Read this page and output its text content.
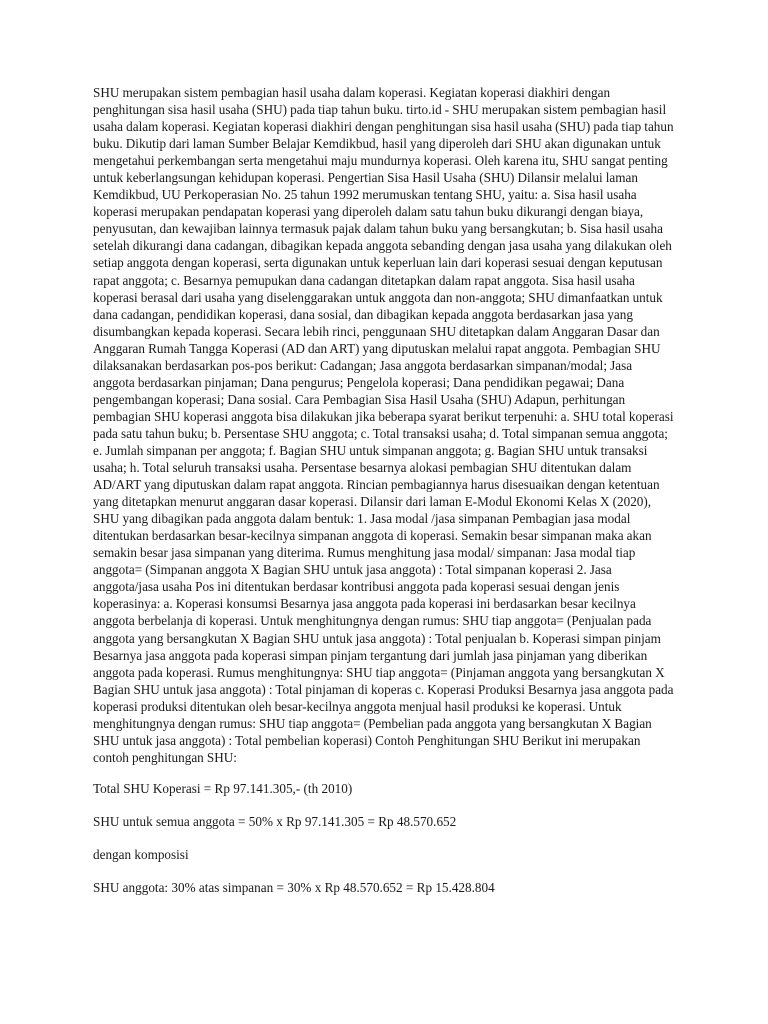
SHU merupakan sistem pembagian hasil usaha dalam koperasi. Kegiatan koperasi diakhiri dengan penghitungan sisa hasil usaha (SHU) pada tiap tahun buku. tirto.id - SHU merupakan sistem pembagian hasil usaha dalam koperasi. Kegiatan koperasi diakhiri dengan penghitungan sisa hasil usaha (SHU) pada tiap tahun buku. Dikutip dari laman Sumber Belajar Kemdikbud, hasil yang diperoleh dari SHU akan digunakan untuk mengetahui perkembangan serta mengetahui maju mundurnya koperasi. Oleh karena itu, SHU sangat penting untuk keberlangsungan kehidupan koperasi. Pengertian Sisa Hasil Usaha (SHU) Dilansir melalui laman Kemdikbud, UU Perkoperasian No. 25 tahun 1992 merumuskan tentang SHU, yaitu: a. Sisa hasil usaha koperasi merupakan pendapatan koperasi yang diperoleh dalam satu tahun buku dikurangi dengan biaya, penyusutan, dan kewajiban lainnya termasuk pajak dalam tahun buku yang bersangkutan; b. Sisa hasil usaha setelah dikurangi dana cadangan, dibagikan kepada anggota sebanding dengan jasa usaha yang dilakukan oleh setiap anggota dengan koperasi, serta digunakan untuk keperluan lain dari koperasi sesuai dengan keputusan rapat anggota; c. Besarnya pemupukan dana cadangan ditetapkan dalam rapat anggota. Sisa hasil usaha koperasi berasal dari usaha yang diselenggarakan untuk anggota dan non-anggota; SHU dimanfaatkan untuk dana cadangan, pendidikan koperasi, dana sosial, dan dibagikan kepada anggota berdasarkan jasa yang disumbangkan kepada koperasi. Secara lebih rinci, penggunaan SHU ditetapkan dalam Anggaran Dasar dan Anggaran Rumah Tangga Koperasi (AD dan ART) yang diputuskan melalui rapat anggota. Pembagian SHU dilaksanakan berdasarkan pos-pos berikut: Cadangan; Jasa anggota berdasarkan simpanan/modal; Jasa anggota berdasarkan pinjaman; Dana pengurus; Pengelola koperasi; Dana pendidikan pegawai; Dana pengembangan koperasi; Dana sosial. Cara Pembagian Sisa Hasil Usaha (SHU) Adapun, perhitungan pembagian SHU koperasi anggota bisa dilakukan jika beberapa syarat berikut terpenuhi: a. SHU total koperasi pada satu tahun buku; b. Persentase SHU anggota; c. Total transaksi usaha; d. Total simpanan semua anggota; e. Jumlah simpanan per anggota; f. Bagian SHU untuk simpanan anggota; g. Bagian SHU untuk transaksi usaha; h. Total seluruh transaksi usaha. Persentase besarnya alokasi pembagian SHU ditentukan dalam AD/ART yang diputuskan dalam rapat anggota. Rincian pembagiannya harus disesuaikan dengan ketentuan yang ditetapkan menurut anggaran dasar koperasi. Dilansir dari laman E-Modul Ekonomi Kelas X (2020), SHU yang dibagikan pada anggota dalam bentuk: 1. Jasa modal /jasa simpanan Pembagian jasa modal ditentukan berdasarkan besar-kecilnya simpanan anggota di koperasi. Semakin besar simpanan maka akan semakin besar jasa simpanan yang diterima. Rumus menghitung jasa modal/ simpanan: Jasa modal tiap anggota= (Simpanan anggota X Bagian SHU untuk jasa anggota) : Total simpanan koperasi 2. Jasa anggota/jasa usaha Pos ini ditentukan berdasar kontribusi anggota pada koperasi sesuai dengan jenis koperasinya: a. Koperasi konsumsi Besarnya jasa anggota pada koperasi ini berdasarkan besar kecilnya anggota berbelanja di koperasi. Untuk menghitungnya dengan rumus: SHU tiap anggota= (Penjualan pada anggota yang bersangkutan X Bagian SHU untuk jasa anggota) : Total penjualan b. Koperasi simpan pinjam Besarnya jasa anggota pada koperasi simpan pinjam tergantung dari jumlah jasa pinjaman yang diberikan anggota pada koperasi. Rumus menghitungnya: SHU tiap anggota= (Pinjaman anggota yang bersangkutan X Bagian SHU untuk jasa anggota) : Total pinjaman di koperas c. Koperasi Produksi Besarnya jasa anggota pada koperasi produksi ditentukan oleh besar-kecilnya anggota menjual hasil produksi ke koperasi. Untuk menghitungnya dengan rumus: SHU tiap anggota= (Pembelian pada anggota yang bersangkutan X Bagian SHU untuk jasa anggota) : Total pembelian koperasi) Contoh Penghitungan SHU Berikut ini merupakan contoh penghitungan SHU:

Total SHU Koperasi = Rp 97.141.305,- (th 2010)

SHU untuk semua anggota = 50% x Rp 97.141.305 = Rp 48.570.652

dengan komposisi

SHU anggota: 30% atas simpanan = 30% x Rp 48.570.652 = Rp 15.428.804
